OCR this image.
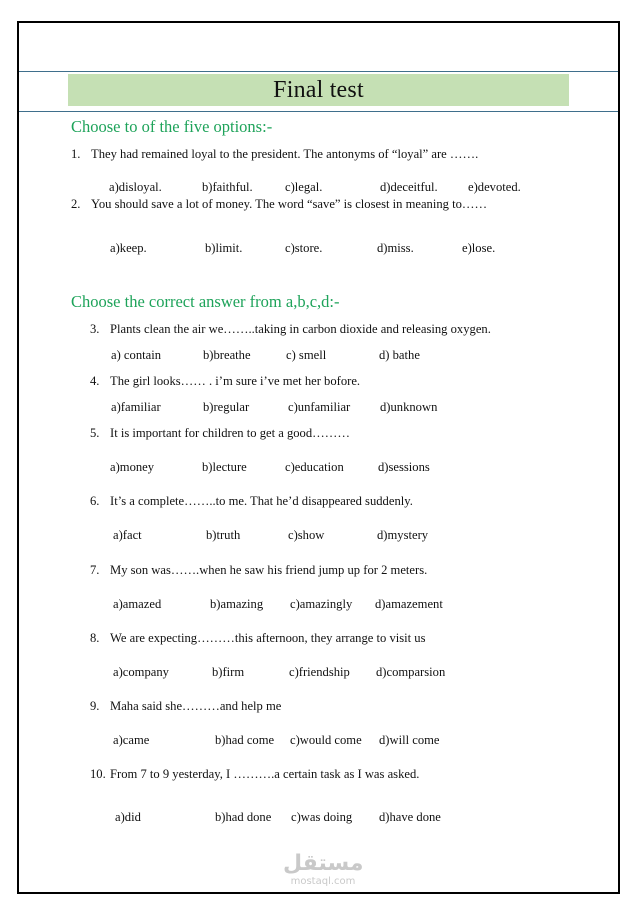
Final test
Choose to of the five options:-
1. They had remained loyal to the president. The antonyms of “loyal” are …….
a)disloyal.	b)faithful.	c)legal.	d)deceitful. e)devoted.
2. You should save a lot of money. The word “save” is closest in meaning to……
a)keep.	b)limit.	c)store.	d)miss.	e)lose.
Choose the correct answer from a,b,c,d:-
3. Plants clean the air we……..taking in carbon dioxide and releasing oxygen.
a) contain	b)breathe	c) smell	d) bathe
4. The girl looks…… . i’m sure i’ve met her bofore.
a)familiar	b)regular	c)unfamiliar d)unknown
5. It is important for children to get a good………
a)money	b)lecture	c)education	d)sessions
6. It’s a complete……..to me. That he’d disappeared suddenly.
a)fact	b)truth	c)show	d)mystery
7. My son was…….when he saw his friend jump up for 2 meters.
a)amazed	b)amazing c)amazingly d)amazement
8. We are expecting………this afternoon, they arrange to visit us
a)company	b)firm	c)friendship d)comparsion
9. Maha said she………and help me
a)came	b)had come c)would come d)will come
10. From 7 to 9 yesterday, I ……….a certain task as I was asked.
a)did	b)had done c)was doing d)have done
مستقل
mostaql.com
